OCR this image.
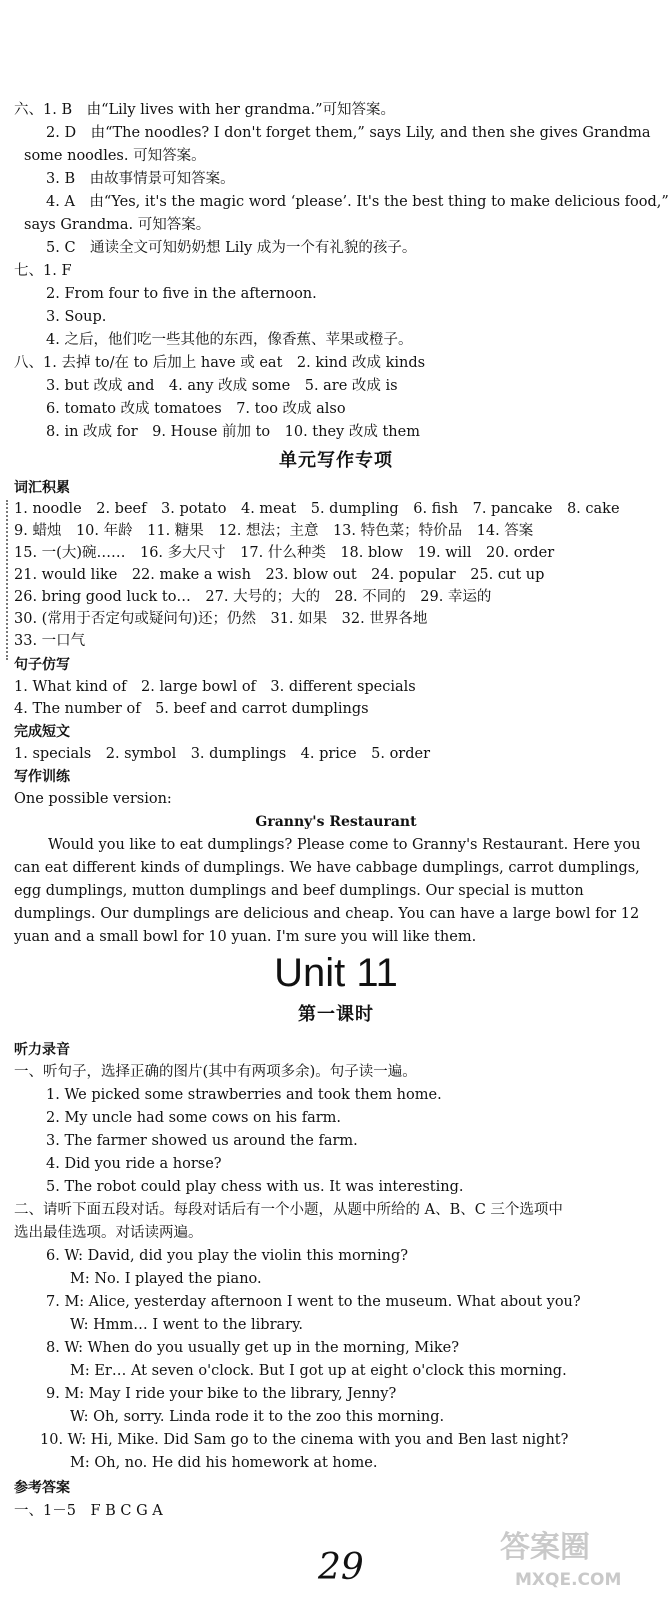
六、1. B　由“Lily lives with her grandma.”可知答案。
2. D　由“The noodles? I don't forget them,” says Lily, and then she gives Grandma
some noodles. 可知答案。
3. B　由故事情景可知答案。
4. A　由“Yes, it's the magic word ‘please’. It's the best thing to make delicious food,”
says Grandma. 可知答案。
5. C　通读全文可知奶奶想 Lily 成为一个有礼貌的孩子。
七、1. F
2. From four to five in the afternoon.
3. Soup.
4. 之后，他们吃一些其他的东西，像香蕉、苹果或橙子。
八、1. 去掉 to/在 to 后加上 have 或 eat　2. kind 改成 kinds
3. but 改成 and　4. any 改成 some　5. are 改成 is
6. tomato 改成 tomatoes　7. too 改成 also
8. in 改成 for　9. House 前加 to　10. they 改成 them
单元写作专项
词汇积累
1. noodle　2. beef　3. potato　4. meat　5. dumpling　6. fish　7. pancake　8. cake
9. 蜡烛　10. 年龄　11. 糖果　12. 想法；主意　13. 特色菜；特价品　14. 答案
15. 一(大)碗……　16. 多大尺寸　17. 什么种类　18. blow　19. will　20. order
21. would like　22. make a wish　23. blow out　24. popular　25. cut up
26. bring good luck to…　27. 大号的；大的　28. 不同的　29. 幸运的
30. (常用于否定句或疑问句)还；仍然　31. 如果　32. 世界各地
33. 一口气
句子仿写
1. What kind of　2. large bowl of　3. different specials
4. The number of　5. beef and carrot dumplings
完成短文
1. specials　2. symbol　3. dumplings　4. price　5. order
写作训练
One possible version:
Granny's Restaurant
Would you like to eat dumplings? Please come to Granny's Restaurant. Here you
can eat different kinds of dumplings. We have cabbage dumplings, carrot dumplings,
egg dumplings, mutton dumplings and beef dumplings. Our special is mutton
dumplings. Our dumplings are delicious and cheap. You can have a large bowl for 12
yuan and a small bowl for 10 yuan. I'm sure you will like them.
Unit 11
第一课时
听力录音
一、听句子，选择正确的图片(其中有两项多余)。句子读一遍。
1. We picked some strawberries and took them home.
2. My uncle had some cows on his farm.
3. The farmer showed us around the farm.
4. Did you ride a horse?
5. The robot could play chess with us. It was interesting.
二、请听下面五段对话。每段对话后有一个小题，从题中所给的 A、B、C 三个选项中
选出最佳选项。对话读两遍。
6. W: David, did you play the violin this morning?
M: No. I played the piano.
7. M: Alice, yesterday afternoon I went to the museum. What about you?
W: Hmm… I went to the library.
8. W: When do you usually get up in the morning, Mike?
M: Er… At seven o'clock. But I got up at eight o'clock this morning.
9. M: May I ride your bike to the library, Jenny?
W: Oh, sorry. Linda rode it to the zoo this morning.
10. W: Hi, Mike. Did Sam go to the cinema with you and Ben last night?
M: Oh, no. He did his homework at home.
参考答案
一、1－5　F B C G A
29	答案圈
MXQE.COM
